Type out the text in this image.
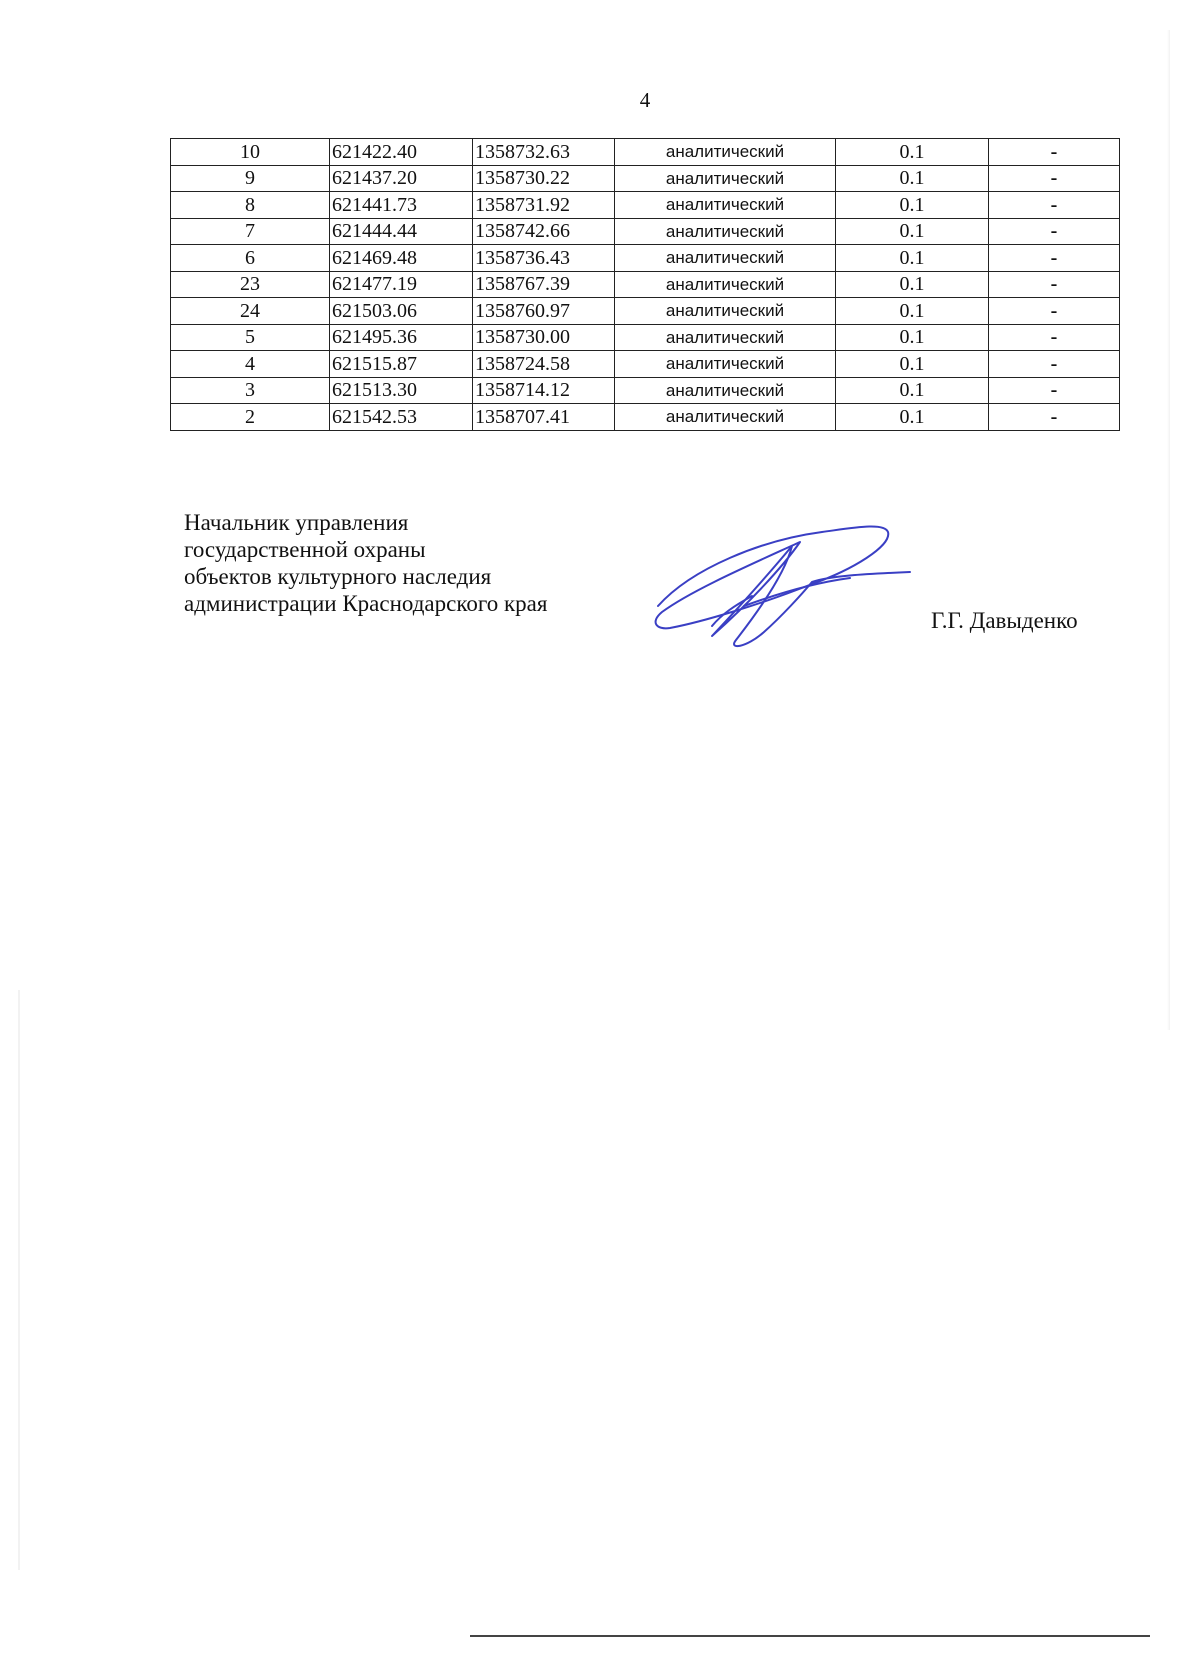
4
10	621422.40	1358732.63	аналитический	0.1	-
9	621437.20	1358730.22	аналитический	0.1	-
8	621441.73	1358731.92	аналитический	0.1	-
7	621444.44	1358742.66	аналитический	0.1	-
6	621469.48	1358736.43	аналитический	0.1	-
23	621477.19	1358767.39	аналитический	0.1	-
24	621503.06	1358760.97	аналитический	0.1	-
5	621495.36	1358730.00	аналитический	0.1	-
4	621515.87	1358724.58	аналитический	0.1	-
3	621513.30	1358714.12	аналитический	0.1	-
2	621542.53	1358707.41	аналитический	0.1	-
Начальник управления
государственной охраны
объектов культурного наследия
администрации Краснодарского края
Г.Г. Давыденко
